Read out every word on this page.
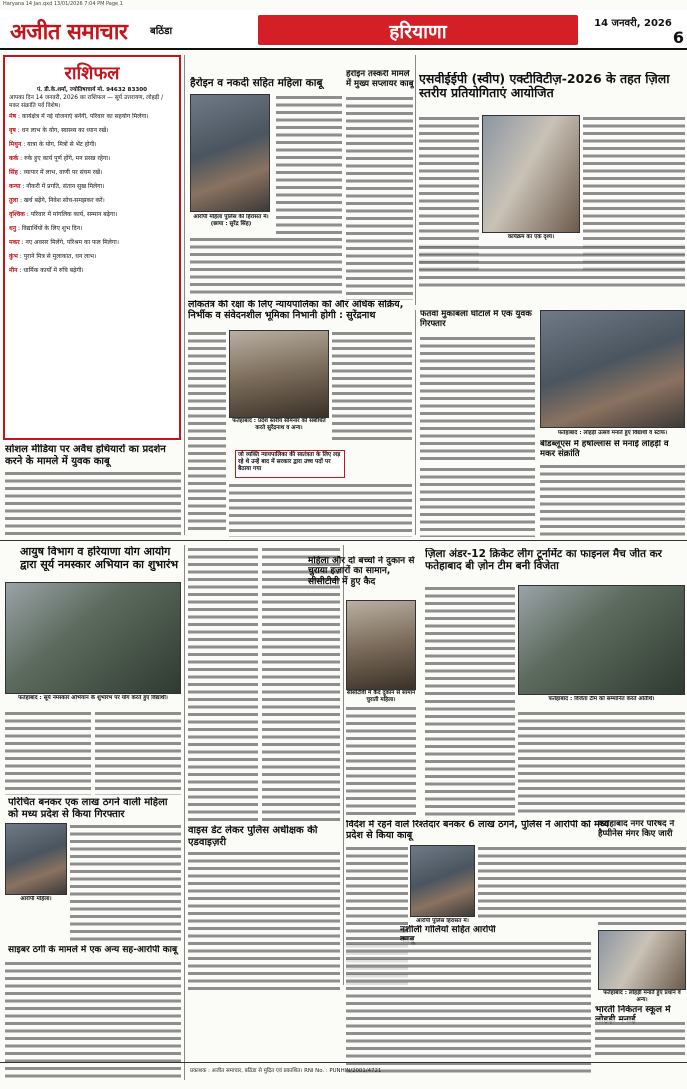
Haryana 14 Jan.qxd 13/01/2026 7:04 PM Page 1
अजीत समाचार बठिंडा	हरियाणा	14 जनवरी, 2026
6
राशिफल
पं. डी.के.शर्मा, ज्योतिषाचार्य मो. 94632 83300
आपका दिन 14 जनवरी, 2026 का राशिफल — सूर्य उत्तरायण, लोहड़ी / मकर संक्रांति पर्व विशेष।
मेष : कार्यक्षेत्र में नई योजनाएं बनेंगी, परिवार का सहयोग मिलेगा।
वृष : धन लाभ के योग, स्वास्थ्य का ध्यान रखें।
मिथुन : यात्रा के योग, मित्रों से भेंट होगी।
कर्क : रुके हुए कार्य पूर्ण होंगे, मन प्रसन्न रहेगा।
सिंह : व्यापार में लाभ, वाणी पर संयम रखें।
कन्या : नौकरी में प्रगति, संतान सुख मिलेगा।
तुला : खर्च बढ़ेंगे, निवेश सोच-समझकर करें।
वृश्चिक : परिवार में मांगलिक कार्य, सम्मान बढ़ेगा।
धनु : विद्यार्थियों के लिए शुभ दिन।
मकर : नए अवसर मिलेंगे, परिश्रम का फल मिलेगा।
कुंभ : पुराने मित्र से मुलाकात, धन लाभ।
मीन : धार्मिक कार्यों में रुचि बढ़ेगी।
हैरोइन व नकदी सहित महिला काबू
आरोपी महिला पुलिस की हिरासत में। (छाया : सुरेंद्र सिंह)
हेरोइन तस्करी मामले में मुख्य सप्लायर काबू एसवीईईपी (स्वीप) एक्टीविटीज़-2026 के तहत ज़िला स्तरीय प्रतियोगिताएं आयोजित
कार्यक्रम का एक दृश्य।
सोशल मीडिया पर अवैध हथियारों का प्रदर्शन करने के मामले में युवक काबू
लोकतंत्र की रक्षा के लिए न्यायपालिका को और अधिक सक्रिय, निर्भीक व संवेदनशील भूमिका निभानी होगी : सुरेंद्रनाथ
फतेहाबाद : प्रदेश स्तरीय सेमिनार को संबोधित करते सुरेंद्रनाथ व अन्य।
जो व्यक्ति न्यायपालिका की स्वतंत्रता के लिए लड़ रहे थे उन्हें बाद में सरकार द्वारा उच्च पदों पर बैठाया गया
फतवा मुकाबला घोटाले में एक युवक गिरफ्तार
फतेहाबाद : लोहड़ी उत्सव मनाते हुए विद्यार्थी व स्टाफ।
बीडब्लूएस में हर्षोल्लास से मनाई लोहड़ी व मकर संक्रांति
आयुष विभाग व हरियाणा योग आयोग द्वारा सूर्य नमस्कार अभियान का शुभारंभ
फतेहाबाद : सूर्य नमस्कार अभियान के शुभारंभ पर योग करते हुए विद्यार्थी।
महिला और दो बच्चों ने दुकान से चुराया हज़ारों का सामान, सीसीटीवी में हुए कैद
सीसीटीवी में कैद दुकान से सामान चुराती महिला।
ज़िला अंडर-12 क्रिकेट लीग टूर्नामेंट का फाइनल मैच जीत कर फतेहाबाद बी ज़ोन टीम बनी विजेता
फतेहाबाद : विजेता टीम को सम्मानित करते अतिथि।
परिचित बनकर एक लाख ठगने वाली महिला को मध्य प्रदेश से किया गिरफ्तार
आरोपी महिला।
वाइस डेट लेकर पुलिस अधीक्षक की एडवाइज़री
साइबर ठगी के मामले में एक अन्य सह-आरोपी काबू
विदेश में रहने वाले रिश्तेदार बनकर 6 लाख ठगने, पुलिस ने आरोपी को मध्य प्रदेश से किया काबू
आरोपी पुलिस हिरासत में।
नशीली गोलियों सहित आरोपी
फतेहाबाद नगर परिषद ने हैप्पीनेस मंगर किए जारी
फतेहाबाद : लोहड़ी मनाते हुए प्रधान व अन्य।
भारती निकेतन स्कूल में
प्रकाशक : अजीत समाचार, बठिंडा से मुद्रित एवं प्रकाशित। RNI No. : PUNHIN/2001/4721
